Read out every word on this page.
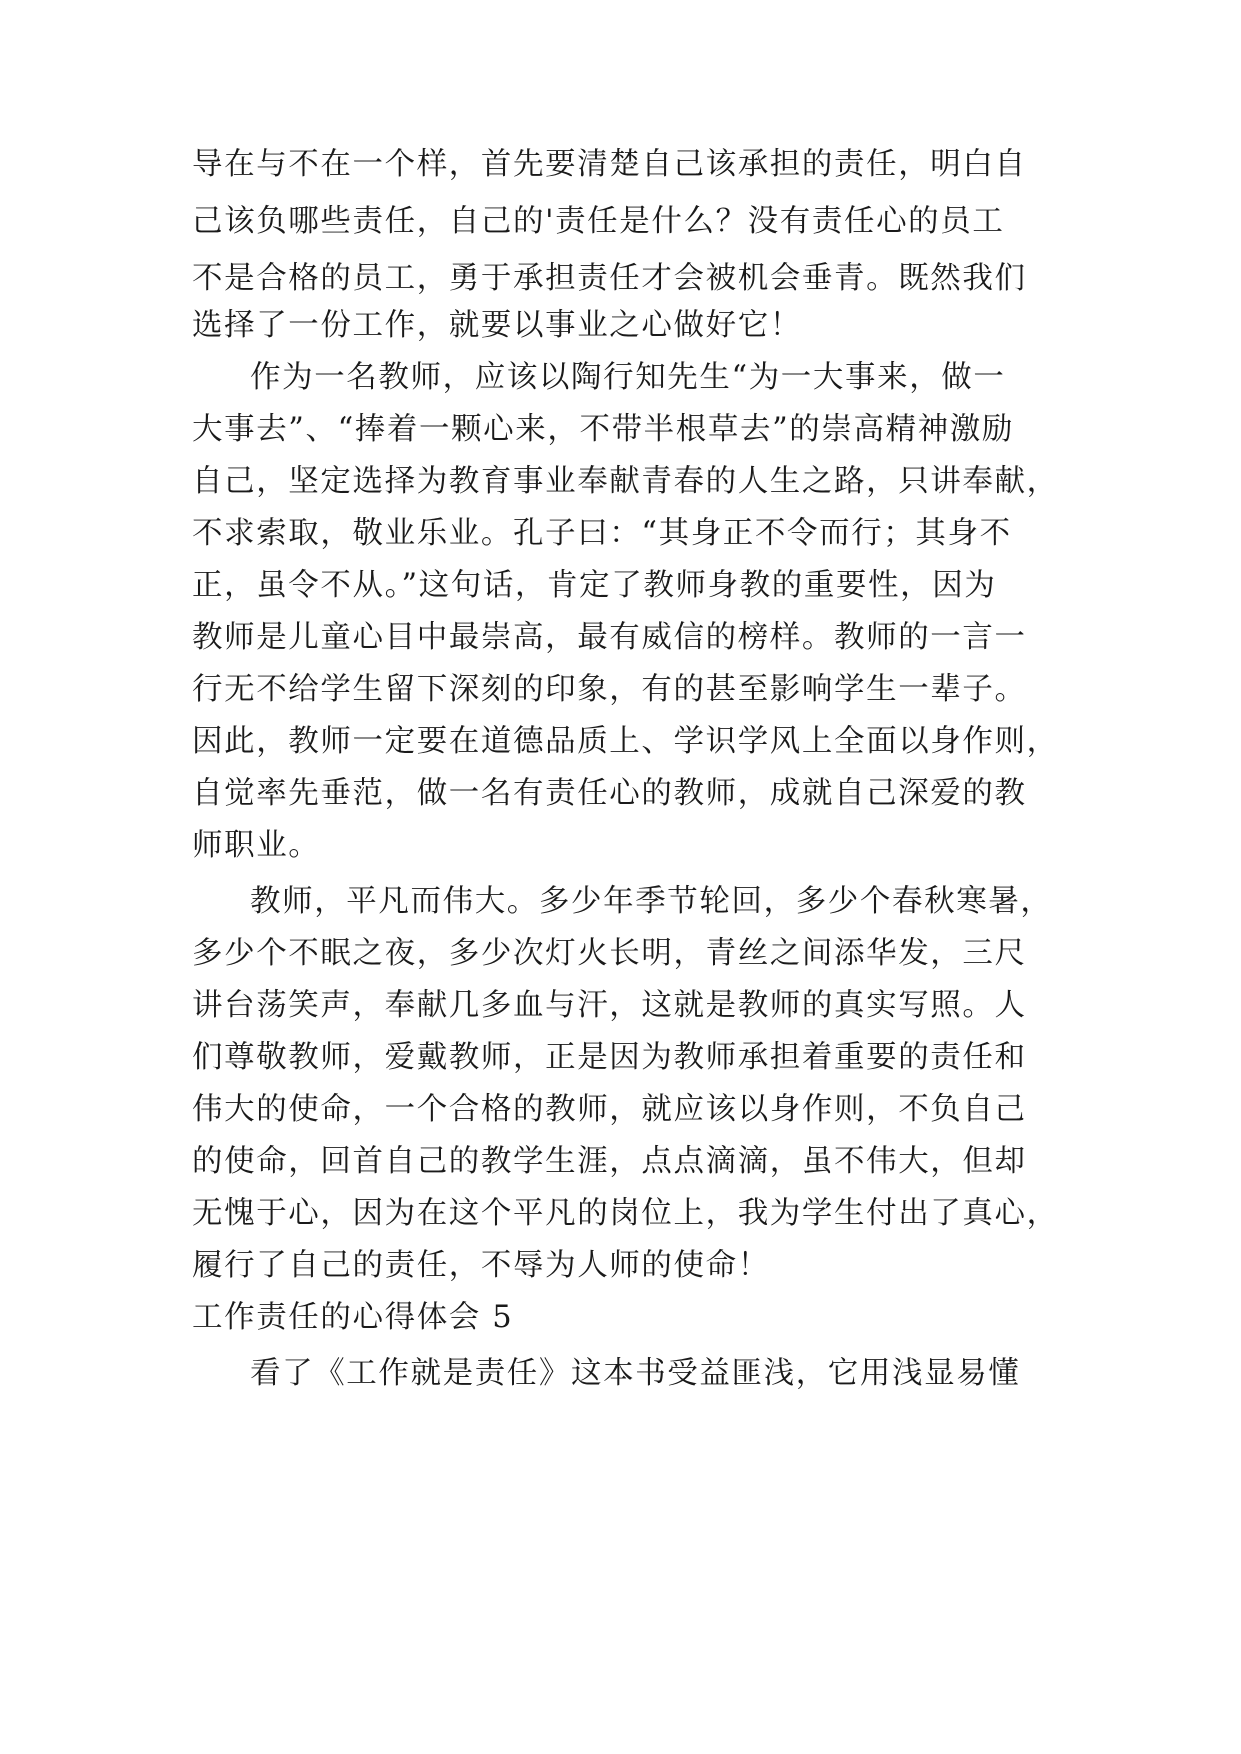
导在与不在一个样，首先要清楚自己该承担的责任，明白自
己该负哪些责任，自己的'责任是什么？没有责任心的员工
不是合格的员工，勇于承担责任才会被机会垂青。既然我们
选择了一份工作，就要以事业之心做好它！
作为一名教师，应该以陶行知先生“为一大事来，做一
大事去”、“捧着一颗心来，不带半根草去”的崇高精神激励
自己，坚定选择为教育事业奉献青春的人生之路，只讲奉献，
不求索取，敬业乐业。孔子曰：“其身正不令而行；其身不
正，虽令不从。”这句话，肯定了教师身教的重要性，因为
教师是儿童心目中最崇高，最有威信的榜样。教师的一言一
行无不给学生留下深刻的印象，有的甚至影响学生一辈子。
因此，教师一定要在道德品质上、学识学风上全面以身作则，
自觉率先垂范，做一名有责任心的教师，成就自己深爱的教
师职业。
教师，平凡而伟大。多少年季节轮回，多少个春秋寒暑，
多少个不眠之夜，多少次灯火长明，青丝之间添华发，三尺
讲台荡笑声，奉献几多血与汗，这就是教师的真实写照。人
们尊敬教师，爱戴教师，正是因为教师承担着重要的责任和
伟大的使命，一个合格的教师，就应该以身作则，不负自己
的使命，回首自己的教学生涯，点点滴滴，虽不伟大，但却
无愧于心，因为在这个平凡的岗位上，我为学生付出了真心，
履行了自己的责任，不辱为人师的使命！
工作责任的心得体会 5
看了《工作就是责任》这本书受益匪浅，它用浅显易懂
